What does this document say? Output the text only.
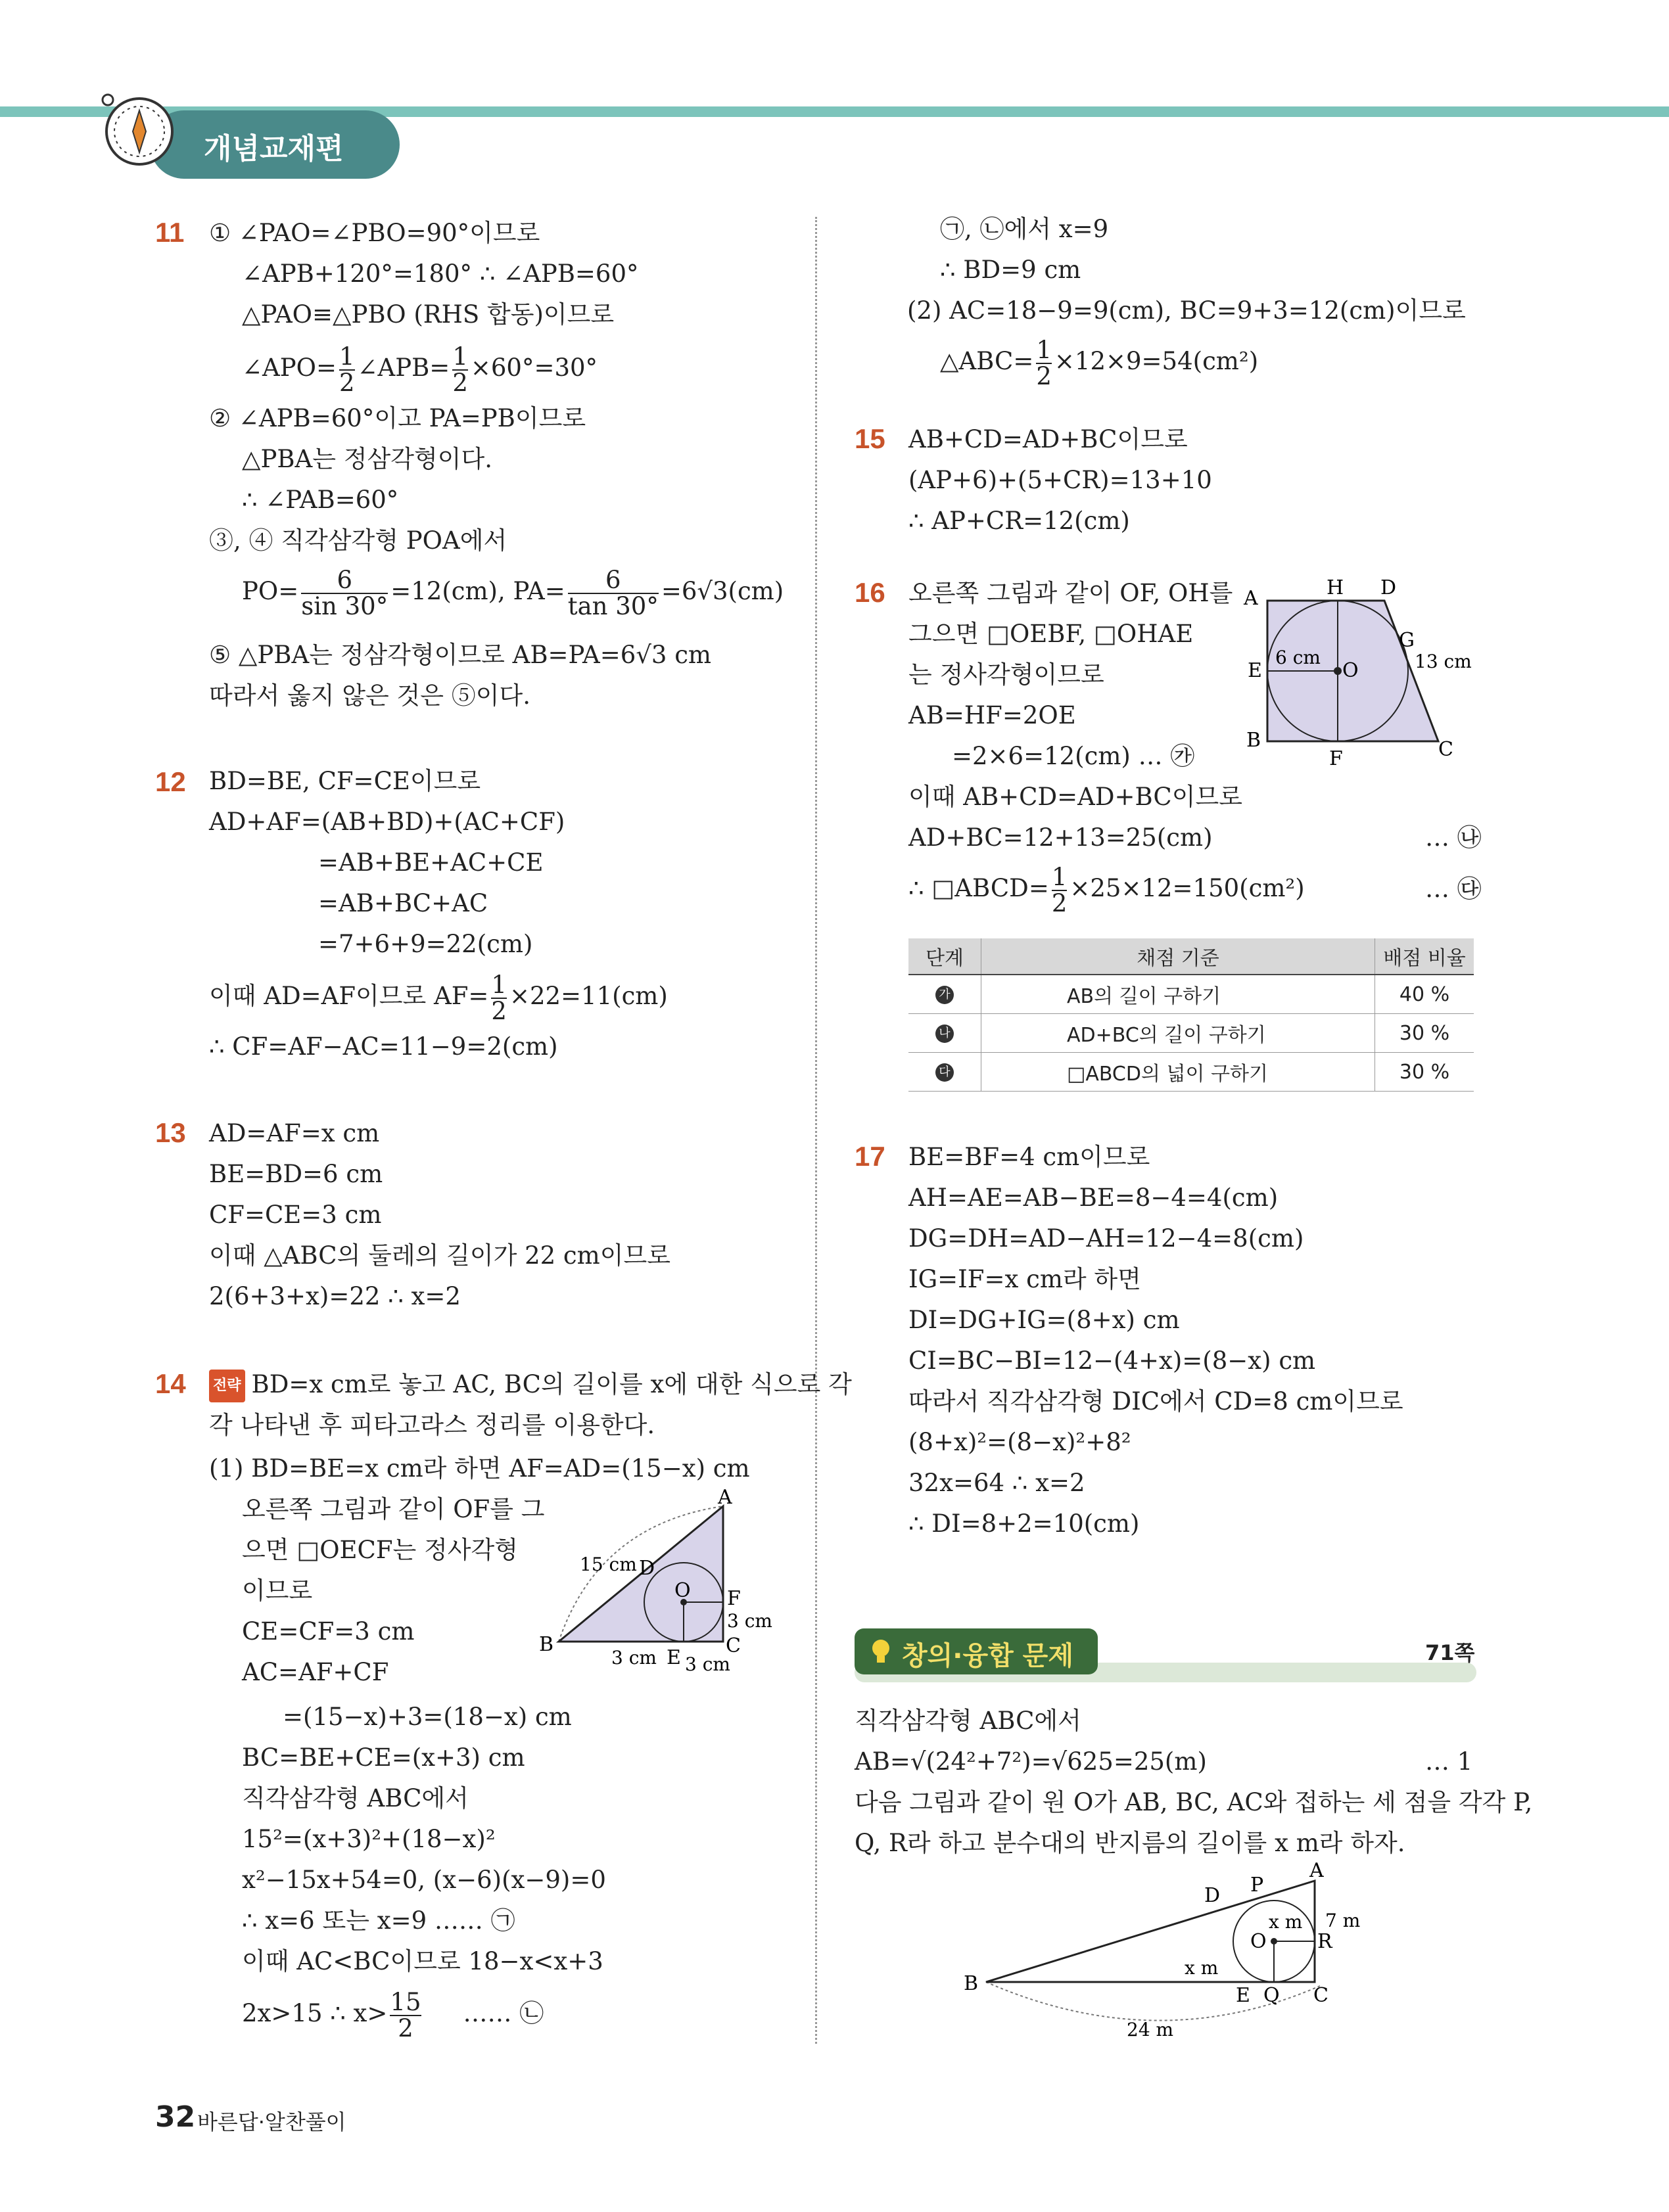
개념교재편
11 ① ∠PAO=∠PBO=90°이므로
∠APB+120°=180° ∴ ∠APB=60°
△PAO≡△PBO (RHS 합동)이므로
∠APO= $\frac{1}{2}$ ∠APB= $\frac{1}{2} \times 60^\circ=30^\circ$
② ∠APB=60°이고 PA=PB이므로
△PBA는 정삼각형이다.
∴ ∠PAB=60°
③, ④ 직각삼각형 POA에서
$PO= \frac{6}{\sin 30^\circ} =12(cm)$, $PA= \frac{6}{\tan 30^\circ} =6√3(cm)$
⑤ △PBA는 정삼각형이므로 AB=PA=6√3 cm
따라서 옳지 않은 것은 ⑤이다.
12 BD=BE, CF=CE이므로
AD+AF=(AB+BD)+(AC+CF)
=AB+BE+AC+CE
=AB+BC+AC
=7+6+9=22(cm)
이때 AD=AF이므로 $AF= \frac{1}{2} \times 22=11(cm)$
∴ CF=AF−AC=11−9=2(cm)
13 AD=AF=x cm
BE=BD=6 cm
CF=CE=3 cm
이때 △ABC의 둘레의 길이가 22 cm이므로
2(6+3+x)=22 ∴ x=2
14 전략 BD=x cm로 놓고 AC, BC의 길이를 x에 대한 식으로 각
각 나타낸 후 피타고라스 정리를 이용한다.
(1) BD=BE=x cm라 하면 AF=AD=(15−x) cm
오른쪽 그림과 같이 OF를 그
으면 □OECF는 정사각형
이므로
CE=CF=3 cm
AC=AF+CF
=(15−x)+3=(18−x) cm
BC=BE+CE=(x+3) cm
직각삼각형 ABC에서
15²=(x+3)²+(18−x)²
x²−15x+54=0, (x−6)(x−9)=0
∴ x=6 또는 x=9 …… ㉠
이때 AC<BC이므로 18−x<x+3
2x>15 ∴ $x> \frac{15}{2}$ …… ㉡
A
B	C
D
E
F
O
15 cm
3 cm
3 cm 3 cm
㉠, ㉡에서 x=9
∴ BD=9 cm
(2) AC=18−9=9(cm), BC=9+3=12(cm)이므로
△ABC= $\frac{1}{2} \times 12\times 9=54(cm^2)$
15 AB+CD=AD+BC이므로
(AP+6)+(5+CR)=13+10
∴ AP+CR=12(cm)
16 오른쪽 그림과 같이 OF, OH를
그으면 □OEBF, □OHAE
는 정사각형이므로
AB=HF=2OE
=2×6=12(cm) … ㉮
이때 AB+CD=AD+BC이므로
AD+BC=12+13=25(cm)	… ㉯
∴ □ABCD= $\frac{1}{2} \times 25\times 12=150(cm^2)$	… ㉰
A	H D
G
E	O
B
F	C
6 cm	13 cm
단계	채점 기준	배점 비율
가	AB의 길이 구하기	40 %
나	AD+BC의 길이 구하기	30 %
다	□ABCD의 넓이 구하기	30 %
17 BE=BF=4 cm이므로
AH=AE=AB−BE=8−4=4(cm)
DG=DH=AD−AH=12−4=8(cm)
IG=IF=x cm라 하면
DI=DG+IG=(8+x) cm
CI=BC−BI=12−(4+x)=(8−x) cm
따라서 직각삼각형 DIC에서 CD=8 cm이므로
(8+x)²=(8−x)²+8²
32x=64 ∴ x=2
∴ DI=8+2=10(cm)
창의·융합 문제	71쪽
직각삼각형 ABC에서
AB=√(24²+7²)=√625=25(m)	… 1
다음 그림과 같이 원 O가 AB, BC, AC와 접하는 세 점을 각각 P,
Q, R라 하고 분수대의 반지름의 길이를 x m라 하자.
A
B
C
D
E
P
Q
R
O
x m
x m
7 m
24 m
32 바른답·알찬풀이
